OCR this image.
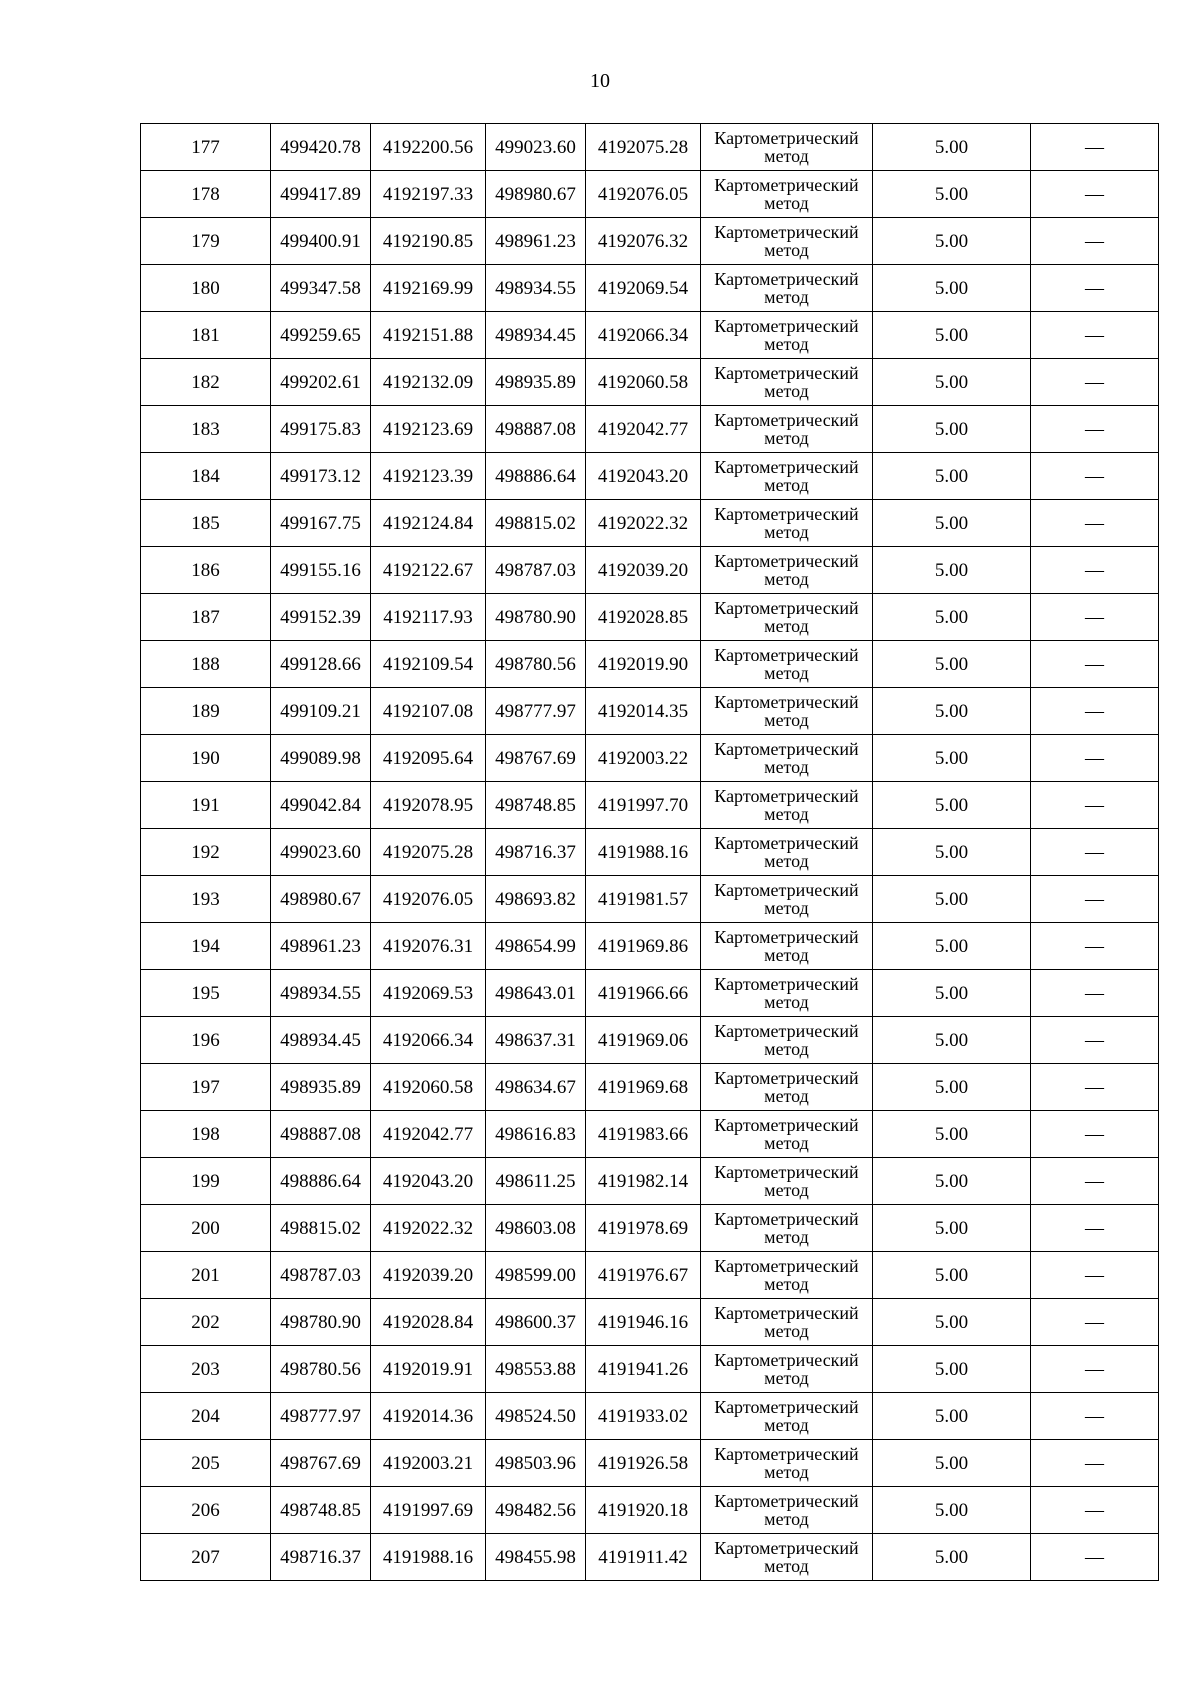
10
177	499420.78	4192200.56	499023.60	4192075.28	Картометрический
метод	5.00	—
178	499417.89	4192197.33	498980.67	4192076.05	Картометрический
метод	5.00	—
179	499400.91	4192190.85	498961.23	4192076.32	Картометрический
метод	5.00	—
180	499347.58	4192169.99	498934.55	4192069.54	Картометрический
метод	5.00	—
181	499259.65	4192151.88	498934.45	4192066.34	Картометрический
метод	5.00	—
182	499202.61	4192132.09	498935.89	4192060.58	Картометрический
метод	5.00	—
183	499175.83	4192123.69	498887.08	4192042.77	Картометрический
метод	5.00	—
184	499173.12	4192123.39	498886.64	4192043.20	Картометрический
метод	5.00	—
185	499167.75	4192124.84	498815.02	4192022.32	Картометрический
метод	5.00	—
186	499155.16	4192122.67	498787.03	4192039.20	Картометрический
метод	5.00	—
187	499152.39	4192117.93	498780.90	4192028.85	Картометрический
метод	5.00	—
188	499128.66	4192109.54	498780.56	4192019.90	Картометрический
метод	5.00	—
189	499109.21	4192107.08	498777.97	4192014.35	Картометрический
метод	5.00	—
190	499089.98	4192095.64	498767.69	4192003.22	Картометрический
метод	5.00	—
191	499042.84	4192078.95	498748.85	4191997.70	Картометрический
метод	5.00	—
192	499023.60	4192075.28	498716.37	4191988.16	Картометрический
метод	5.00	—
193	498980.67	4192076.05	498693.82	4191981.57	Картометрический
метод	5.00	—
194	498961.23	4192076.31	498654.99	4191969.86	Картометрический
метод	5.00	—
195	498934.55	4192069.53	498643.01	4191966.66	Картометрический
метод	5.00	—
196	498934.45	4192066.34	498637.31	4191969.06	Картометрический
метод	5.00	—
197	498935.89	4192060.58	498634.67	4191969.68	Картометрический
метод	5.00	—
198	498887.08	4192042.77	498616.83	4191983.66	Картометрический
метод	5.00	—
199	498886.64	4192043.20	498611.25	4191982.14	Картометрический
метод	5.00	—
200	498815.02	4192022.32	498603.08	4191978.69	Картометрический
метод	5.00	—
201	498787.03	4192039.20	498599.00	4191976.67	Картометрический
метод	5.00	—
202	498780.90	4192028.84	498600.37	4191946.16	Картометрический
метод	5.00	—
203	498780.56	4192019.91	498553.88	4191941.26	Картометрический
метод	5.00	—
204	498777.97	4192014.36	498524.50	4191933.02	Картометрический
метод	5.00	—
205	498767.69	4192003.21	498503.96	4191926.58	Картометрический
метод	5.00	—
206	498748.85	4191997.69	498482.56	4191920.18	Картометрический
метод	5.00	—
207	498716.37	4191988.16	498455.98	4191911.42	Картометрический
метод	5.00	—
